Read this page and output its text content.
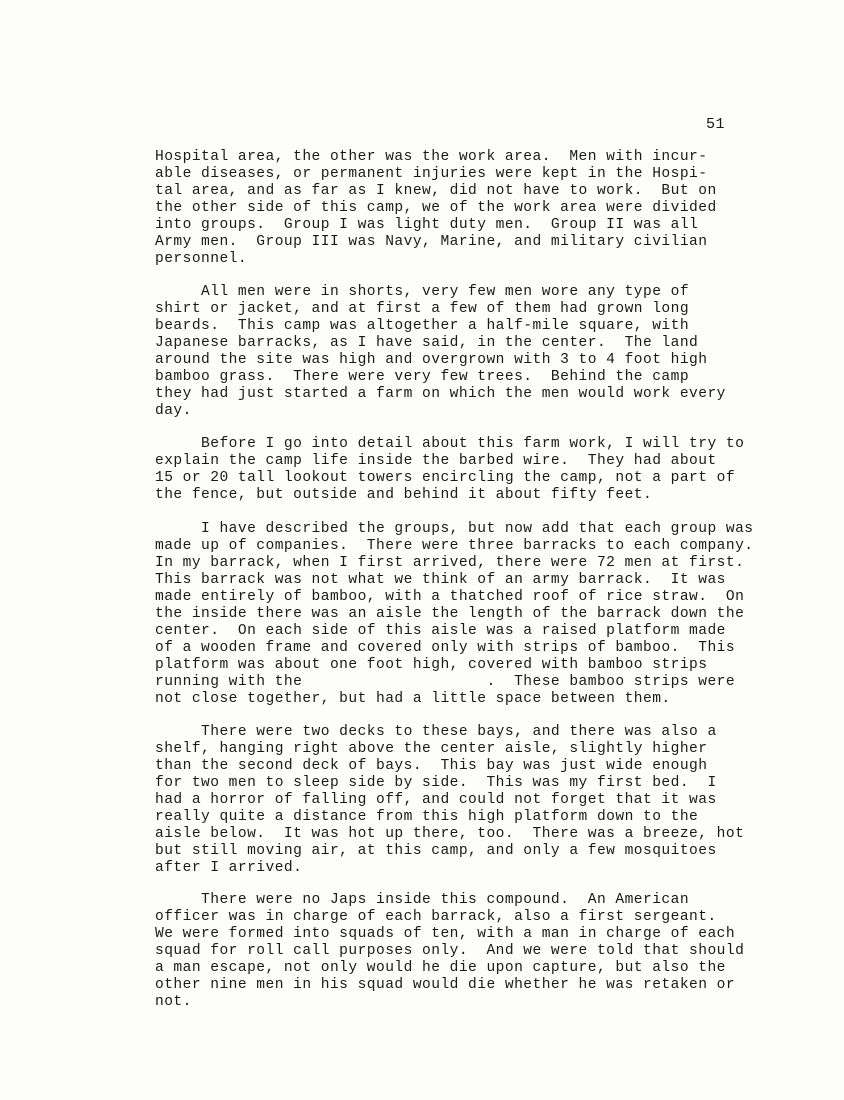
51
Hospital area, the other was the work area.  Men with incur-
able diseases, or permanent injuries were kept in the Hospi-
tal area, and as far as I knew, did not have to work.  But on
the other side of this camp, we of the work area were divided
into groups.  Group I was light duty men.  Group II was all
Army men.  Group III was Navy, Marine, and military civilian
personnel.
All men were in shorts, very few men wore any type of
shirt or jacket, and at first a few of them had grown long
beards.  This camp was altogether a half-mile square, with
Japanese barracks, as I have said, in the center.  The land
around the site was high and overgrown with 3 to 4 foot high
bamboo grass.  There were very few trees.  Behind the camp
they had just started a farm on which the men would work every
day.
Before I go into detail about this farm work, I will try to
explain the camp life inside the barbed wire.  They had about
15 or 20 tall lookout towers encircling the camp, not a part of
the fence, but outside and behind it about fifty feet.
I have described the groups, but now add that each group was
made up of companies.  There were three barracks to each company.
In my barrack, when I first arrived, there were 72 men at first.
This barrack was not what we think of an army barrack.  It was
made entirely of bamboo, with a thatched roof of rice straw.  On
the inside there was an aisle the length of the barrack down the
center.  On each side of this aisle was a raised platform made
of a wooden frame and covered only with strips of bamboo.  This
platform was about one foot high, covered with bamboo strips
running with the                    .  These bamboo strips were
not close together, but had a little space between them.
There were two decks to these bays, and there was also a
shelf, hanging right above the center aisle, slightly higher
than the second deck of bays.  This bay was just wide enough
for two men to sleep side by side.  This was my first bed.  I
had a horror of falling off, and could not forget that it was
really quite a distance from this high platform down to the
aisle below.  It was hot up there, too.  There was a breeze, hot
but still moving air, at this camp, and only a few mosquitoes
after I arrived.
There were no Japs inside this compound.  An American
officer was in charge of each barrack, also a first sergeant.
We were formed into squads of ten, with a man in charge of each
squad for roll call purposes only.  And we were told that should
a man escape, not only would he die upon capture, but also the
other nine men in his squad would die whether he was retaken or
not.
